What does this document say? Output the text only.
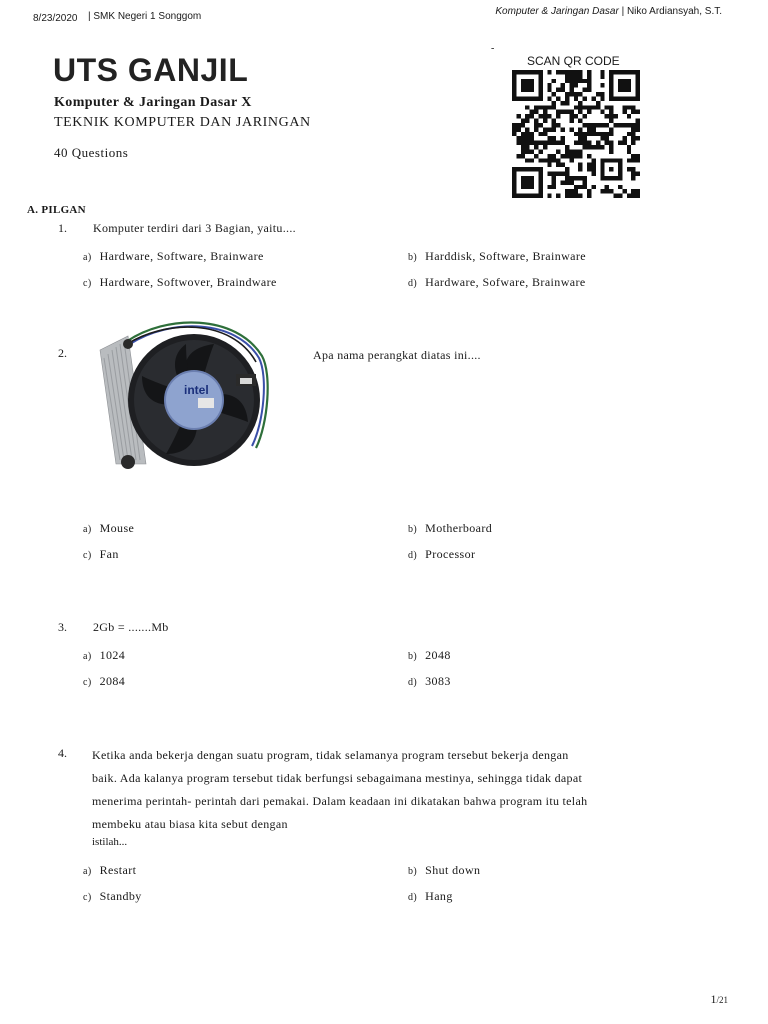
8/23/2020 | SMK Negeri 1 Songgom	Komputer & Jaringan Dasar | Niko Ardiansyah, S.T.
UTS GANJIL
Komputer & Jaringan Dasar X
TEKNIK KOMPUTER DAN JARINGAN
40 Questions
-
SCAN QR CODE
A. PILGAN
1. Komputer terdiri dari 3 Bagian, yaitu....
a) Hardware, Software, Brainware	b) Harddisk, Software, Brainware
c) Hardware, Softwover, Braindware	d) Hardware, Sofware, Brainware
2.
intel
Apa nama perangkat diatas ini....
a) Mouse	b) Motherboard
c) Fan	d) Processor
3. 2Gb = .......Mb
a) 1024	b) 2048
c) 2084	d) 3083
4. Ketika anda bekerja dengan suatu program, tidak selamanya program tersebut bekerja dengan
baik. Ada kalanya program tersebut tidak berfungsi sebagaimana mestinya, sehingga tidak dapat
menerima perintah- perintah dari pemakai. Dalam keadaan ini dikatakan bahwa program itu telah
membeku atau biasa kita sebut dengan
istilah...
a) Restart	b) Shut down
c) Standby	d) Hang
1/21
